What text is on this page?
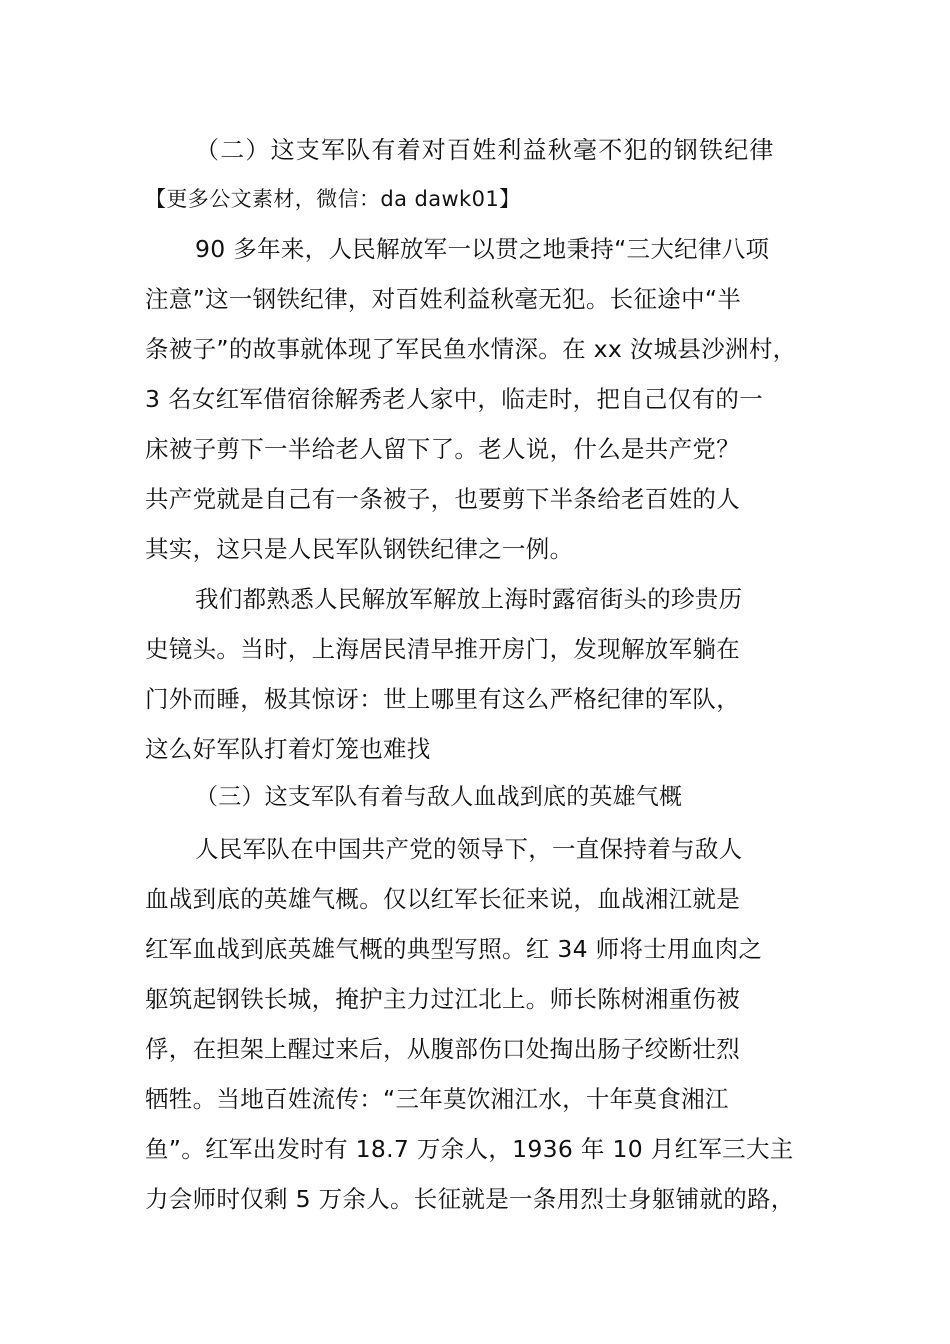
（二）这支军队有着对百姓利益秋毫不犯的钢铁纪律
【更多公文素材，微信：da dawk01】
90 多年来，人民解放军一以贯之地秉持“三大纪律八项
注意”这一钢铁纪律，对百姓利益秋毫无犯。长征途中“半
条被子”的故事就体现了军民鱼水情深。在 xx 汝城县沙洲村，
3 名女红军借宿徐解秀老人家中，临走时，把自己仅有的一
床被子剪下一半给老人留下了。老人说，什么是共产党？
共产党就是自己有一条被子，也要剪下半条给老百姓的人
其实，这只是人民军队钢铁纪律之一例。
我们都熟悉人民解放军解放上海时露宿街头的珍贵历
史镜头。当时，上海居民清早推开房门，发现解放军躺在
门外而睡，极其惊讶：世上哪里有这么严格纪律的军队，
这么好军队打着灯笼也难找
（三）这支军队有着与敌人血战到底的英雄气概
人民军队在中国共产党的领导下，一直保持着与敌人
血战到底的英雄气概。仅以红军长征来说，血战湘江就是
红军血战到底英雄气概的典型写照。红 34 师将士用血肉之
躯筑起钢铁长城，掩护主力过江北上。师长陈树湘重伤被
俘，在担架上醒过来后，从腹部伤口处掏出肠子绞断壮烈
牺牲。当地百姓流传：“三年莫饮湘江水，十年莫食湘江
鱼”。红军出发时有 18.7 万余人，1936 年 10 月红军三大主
力会师时仅剩 5 万余人。长征就是一条用烈士身躯铺就的路，
